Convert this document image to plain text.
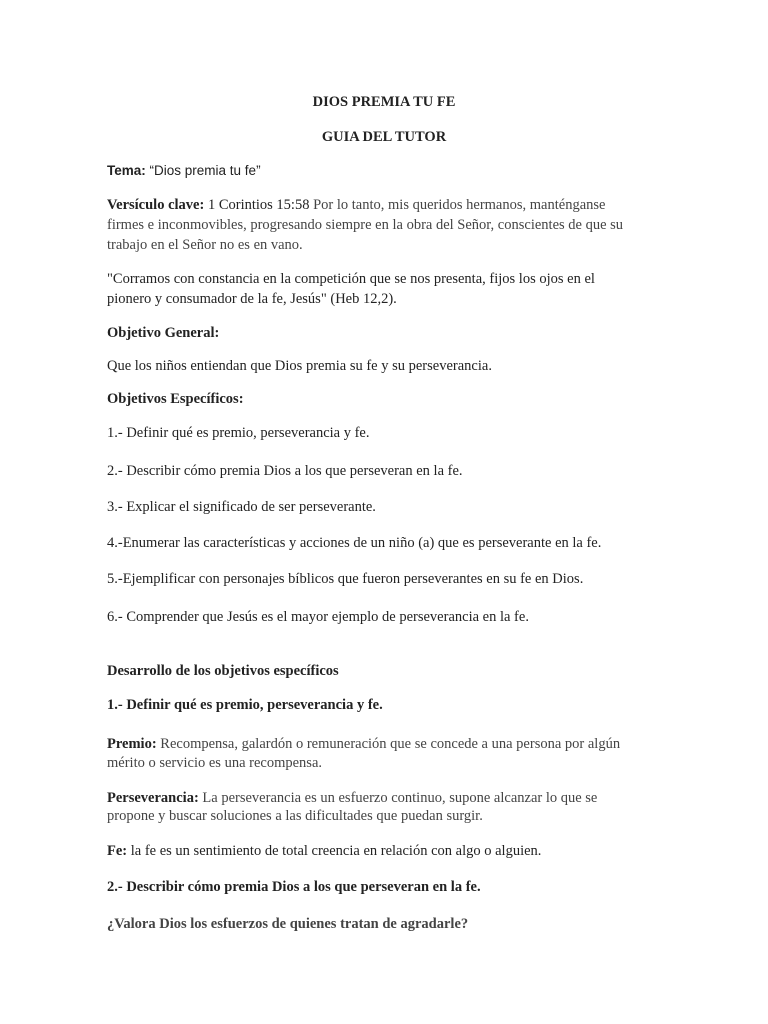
DIOS PREMIA TU FE
GUIA DEL TUTOR
Tema: “Dios premia tu fe”
Versículo clave: 1 Corintios 15:58 Por lo tanto, mis queridos hermanos, manténganse
firmes e inconmovibles, progresando siempre en la obra del Señor, conscientes de que su
trabajo en el Señor no es en vano.
"Corramos con constancia en la competición que se nos presenta, fijos los ojos en el
pionero y consumador de la fe, Jesús" (Heb 12,2).
Objetivo General:
Que los niños entiendan que Dios premia su fe y su perseverancia.
Objetivos Específicos:
1.- Definir qué es premio, perseverancia y fe.
2.- Describir cómo premia Dios a los que perseveran en la fe.
3.- Explicar el significado de ser perseverante.
4.-Enumerar las características y acciones de un niño (a) que es perseverante en la fe.
5.-Ejemplificar con personajes bíblicos que fueron perseverantes en su fe en Dios.
6.- Comprender que Jesús es el mayor ejemplo de perseverancia en la fe.
Desarrollo de los objetivos específicos
1.- Definir qué es premio, perseverancia y fe.
Premio: Recompensa, galardón o remuneración que se concede a una persona por algún
mérito o servicio es una recompensa.
Perseverancia: La perseverancia es un esfuerzo continuo, supone alcanzar lo que se
propone y buscar soluciones a las dificultades que puedan surgir.
Fe: la fe es un sentimiento de total creencia en relación con algo o alguien.
2.- Describir cómo premia Dios a los que perseveran en la fe.
¿Valora Dios los esfuerzos de quienes tratan de agradarle?
